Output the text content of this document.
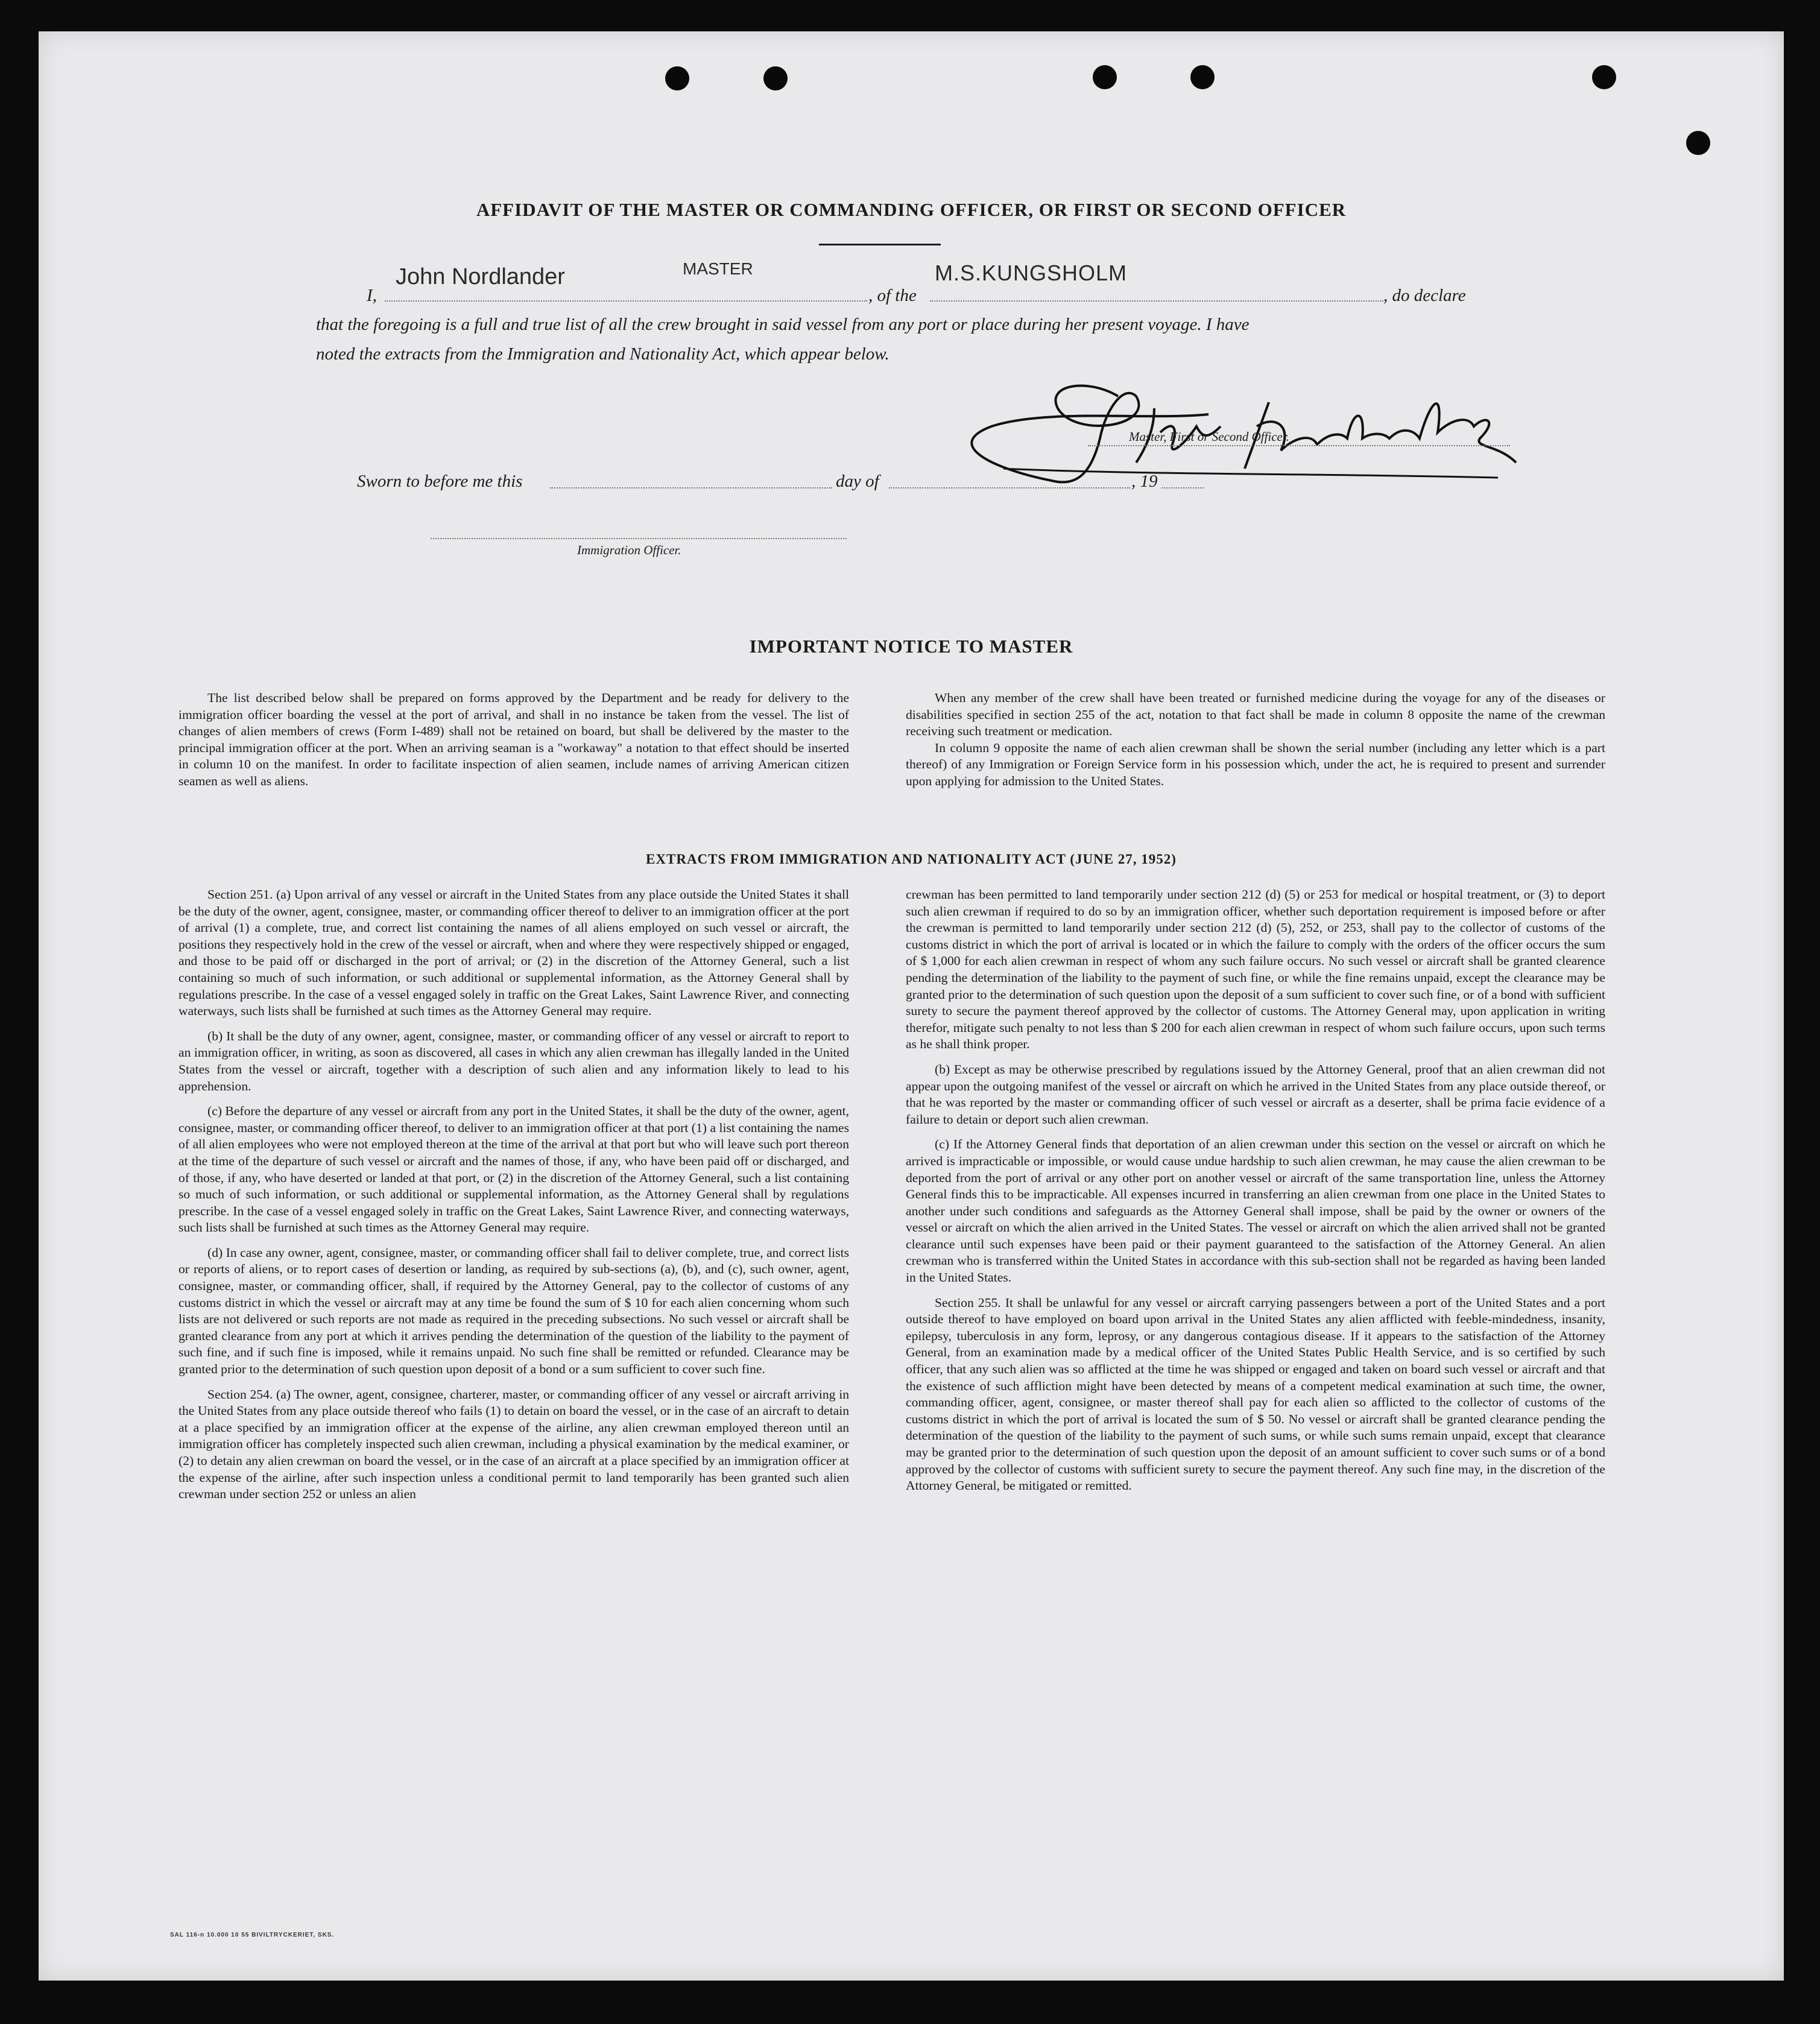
AFFIDAVIT OF THE MASTER OR COMMANDING OFFICER, OR FIRST OR SECOND OFFICER
I,
John Nordlander	MASTER
, of the
M.S.KUNGSHOLM
, do declare
that the foregoing is a full and true list of all the crew brought in said vessel from any port or place during her present voyage. I have
noted the extracts from the Immigration and Nationality Act, which appear below.
Master, First or Second Officer.
Sworn to before me this	day of	, 19
Immigration Officer.
IMPORTANT NOTICE TO MASTER

The list described below shall be prepared on forms approved by the Department and be ready for delivery to the immigration officer boarding the vessel at the port of arrival, and shall in no instance be taken from the vessel. The list of changes of alien members of crews (Form I-489) shall not be retained on board, but shall be delivered by the master to the principal immigration officer at the port. When an arriving seaman is a "workaway" a notation to that effect should be inserted in column 10 on the manifest. In order to facilitate inspection of alien seamen, include names of arriving American citizen seamen as well as aliens.

When any member of the crew shall have been treated or furnished medicine during the voyage for any of the diseases or disabilities specified in section 255 of the act, notation to that fact shall be made in column 8 opposite the name of the crewman receiving such treatment or medication.

In column 9 opposite the name of each alien crewman shall be shown the serial number (including any letter which is a part thereof) of any Immigration or Foreign Service form in his possession which, under the act, he is required to present and surrender upon applying for admission to the United States.

EXTRACTS FROM IMMIGRATION AND NATIONALITY ACT (JUNE 27, 1952)

Section 251. (a) Upon arrival of any vessel or aircraft in the United States from any place outside the United States it shall be the duty of the owner, agent, consignee, master, or commanding officer thereof to deliver to an immigration officer at the port of arrival (1) a complete, true, and correct list containing the names of all aliens employed on such vessel or aircraft, the positions they respectively hold in the crew of the vessel or aircraft, when and where they were respectively shipped or engaged, and those to be paid off or discharged in the port of arrival; or (2) in the discretion of the Attorney General, such a list containing so much of such information, or such additional or supplemental information, as the Attorney General shall by regulations prescribe. In the case of a vessel engaged solely in traffic on the Great Lakes, Saint Lawrence River, and connecting waterways, such lists shall be furnished at such times as the Attorney General may require.

(b) It shall be the duty of any owner, agent, consignee, master, or commanding officer of any vessel or aircraft to report to an immigration officer, in writing, as soon as discovered, all cases in which any alien crewman has illegally landed in the United States from the vessel or aircraft, together with a description of such alien and any information likely to lead to his apprehension.

(c) Before the departure of any vessel or aircraft from any port in the United States, it shall be the duty of the owner, agent, consignee, master, or commanding officer thereof, to deliver to an immigration officer at that port (1) a list containing the names of all alien employees who were not employed thereon at the time of the arrival at that port but who will leave such port thereon at the time of the departure of such vessel or aircraft and the names of those, if any, who have been paid off or discharged, and of those, if any, who have deserted or landed at that port, or (2) in the discretion of the Attorney General, such a list containing so much of such information, or such additional or supplemental information, as the Attorney General shall by regulations prescribe. In the case of a vessel engaged solely in traffic on the Great Lakes, Saint Lawrence River, and connecting waterways, such lists shall be furnished at such times as the Attorney General may require.

(d) In case any owner, agent, consignee, master, or commanding officer shall fail to deliver complete, true, and correct lists or reports of aliens, or to report cases of desertion or landing, as required by sub-sections (a), (b), and (c), such owner, agent, consignee, master, or commanding officer, shall, if required by the Attorney General, pay to the collector of customs of any customs district in which the vessel or aircraft may at any time be found the sum of $ 10 for each alien concerning whom such lists are not delivered or such reports are not made as required in the preceding subsections. No such vessel or aircraft shall be granted clearance from any port at which it arrives pending the determination of the question of the liability to the payment of such fine, and if such fine is imposed, while it remains unpaid. No such fine shall be remitted or refunded. Clearance may be granted prior to the determination of such question upon deposit of a bond or a sum sufficient to cover such fine.

Section 254. (a) The owner, agent, consignee, charterer, master, or commanding officer of any vessel or aircraft arriving in the United States from any place outside thereof who fails (1) to detain on board the vessel, or in the case of an aircraft to detain at a place specified by an immigration officer at the expense of the airline, any alien crewman employed thereon until an immigration officer has completely inspected such alien crewman, including a physical examination by the medical examiner, or (2) to detain any alien crewman on board the vessel, or in the case of an aircraft at a place specified by an immigration officer at the expense of the airline, after such inspection unless a conditional permit to land temporarily has been granted such alien crewman under section 252 or unless an alien

crewman has been permitted to land temporarily under section 212 (d) (5) or 253 for medical or hospital treatment, or (3) to deport such alien crewman if required to do so by an immigration officer, whether such deportation requirement is imposed before or after the crewman is permitted to land temporarily under section 212 (d) (5), 252, or 253, shall pay to the collector of customs of the customs district in which the port of arrival is located or in which the failure to comply with the orders of the officer occurs the sum of $ 1,000 for each alien crewman in respect of whom any such failure occurs. No such vessel or aircraft shall be granted clearence pending the determination of the liability to the payment of such fine, or while the fine remains unpaid, except the clearance may be granted prior to the determination of such question upon the deposit of a sum sufficient to cover such fine, or of a bond with sufficient surety to secure the payment thereof approved by the collector of customs. The Attorney General may, upon application in writing therefor, mitigate such penalty to not less than $ 200 for each alien crewman in respect of whom such failure occurs, upon such terms as he shall think proper.

(b) Except as may be otherwise prescribed by regulations issued by the Attorney General, proof that an alien crewman did not appear upon the outgoing manifest of the vessel or aircraft on which he arrived in the United States from any place outside thereof, or that he was reported by the master or commanding officer of such vessel or aircraft as a deserter, shall be prima facie evidence of a failure to detain or deport such alien crewman.

(c) If the Attorney General finds that deportation of an alien crewman under this section on the vessel or aircraft on which he arrived is impracticable or impossible, or would cause undue hardship to such alien crewman, he may cause the alien crewman to be deported from the port of arrival or any other port on another vessel or aircraft of the same transportation line, unless the Attorney General finds this to be impracticable. All expenses incurred in transferring an alien crewman from one place in the United States to another under such conditions and safeguards as the Attorney General shall impose, shall be paid by the owner or owners of the vessel or aircraft on which the alien arrived in the United States. The vessel or aircraft on which the alien arrived shall not be granted clearance until such expenses have been paid or their payment guaranteed to the satisfaction of the Attorney General. An alien crewman who is transferred within the United States in accordance with this sub-section shall not be regarded as having been landed in the United States.

Section 255. It shall be unlawful for any vessel or aircraft carrying passengers between a port of the United States and a port outside thereof to have employed on board upon arrival in the United States any alien afflicted with feeble-mindedness, insanity, epilepsy, tuberculosis in any form, leprosy, or any dangerous contagious disease. If it appears to the satisfaction of the Attorney General, from an examination made by a medical officer of the United States Public Health Service, and is so certified by such officer, that any such alien was so afflicted at the time he was shipped or engaged and taken on board such vessel or aircraft and that the existence of such affliction might have been detected by means of a competent medical examination at such time, the owner, commanding officer, agent, consignee, or master thereof shall pay for each alien so afflicted to the collector of customs of the customs district in which the port of arrival is located the sum of $ 50. No vessel or aircraft shall be granted clearance pending the determination of the question of the liability to the payment of such sums, or while such sums remain unpaid, except that clearance may be granted prior to the determination of such question upon the deposit of an amount sufficient to cover such sums or of a bond approved by the collector of customs with sufficient surety to secure the payment thereof. Any such fine may, in the discretion of the Attorney General, be mitigated or remitted.

SAL 116-n 10.000 10 55 BIVILTRYCKERIET, SKS.
